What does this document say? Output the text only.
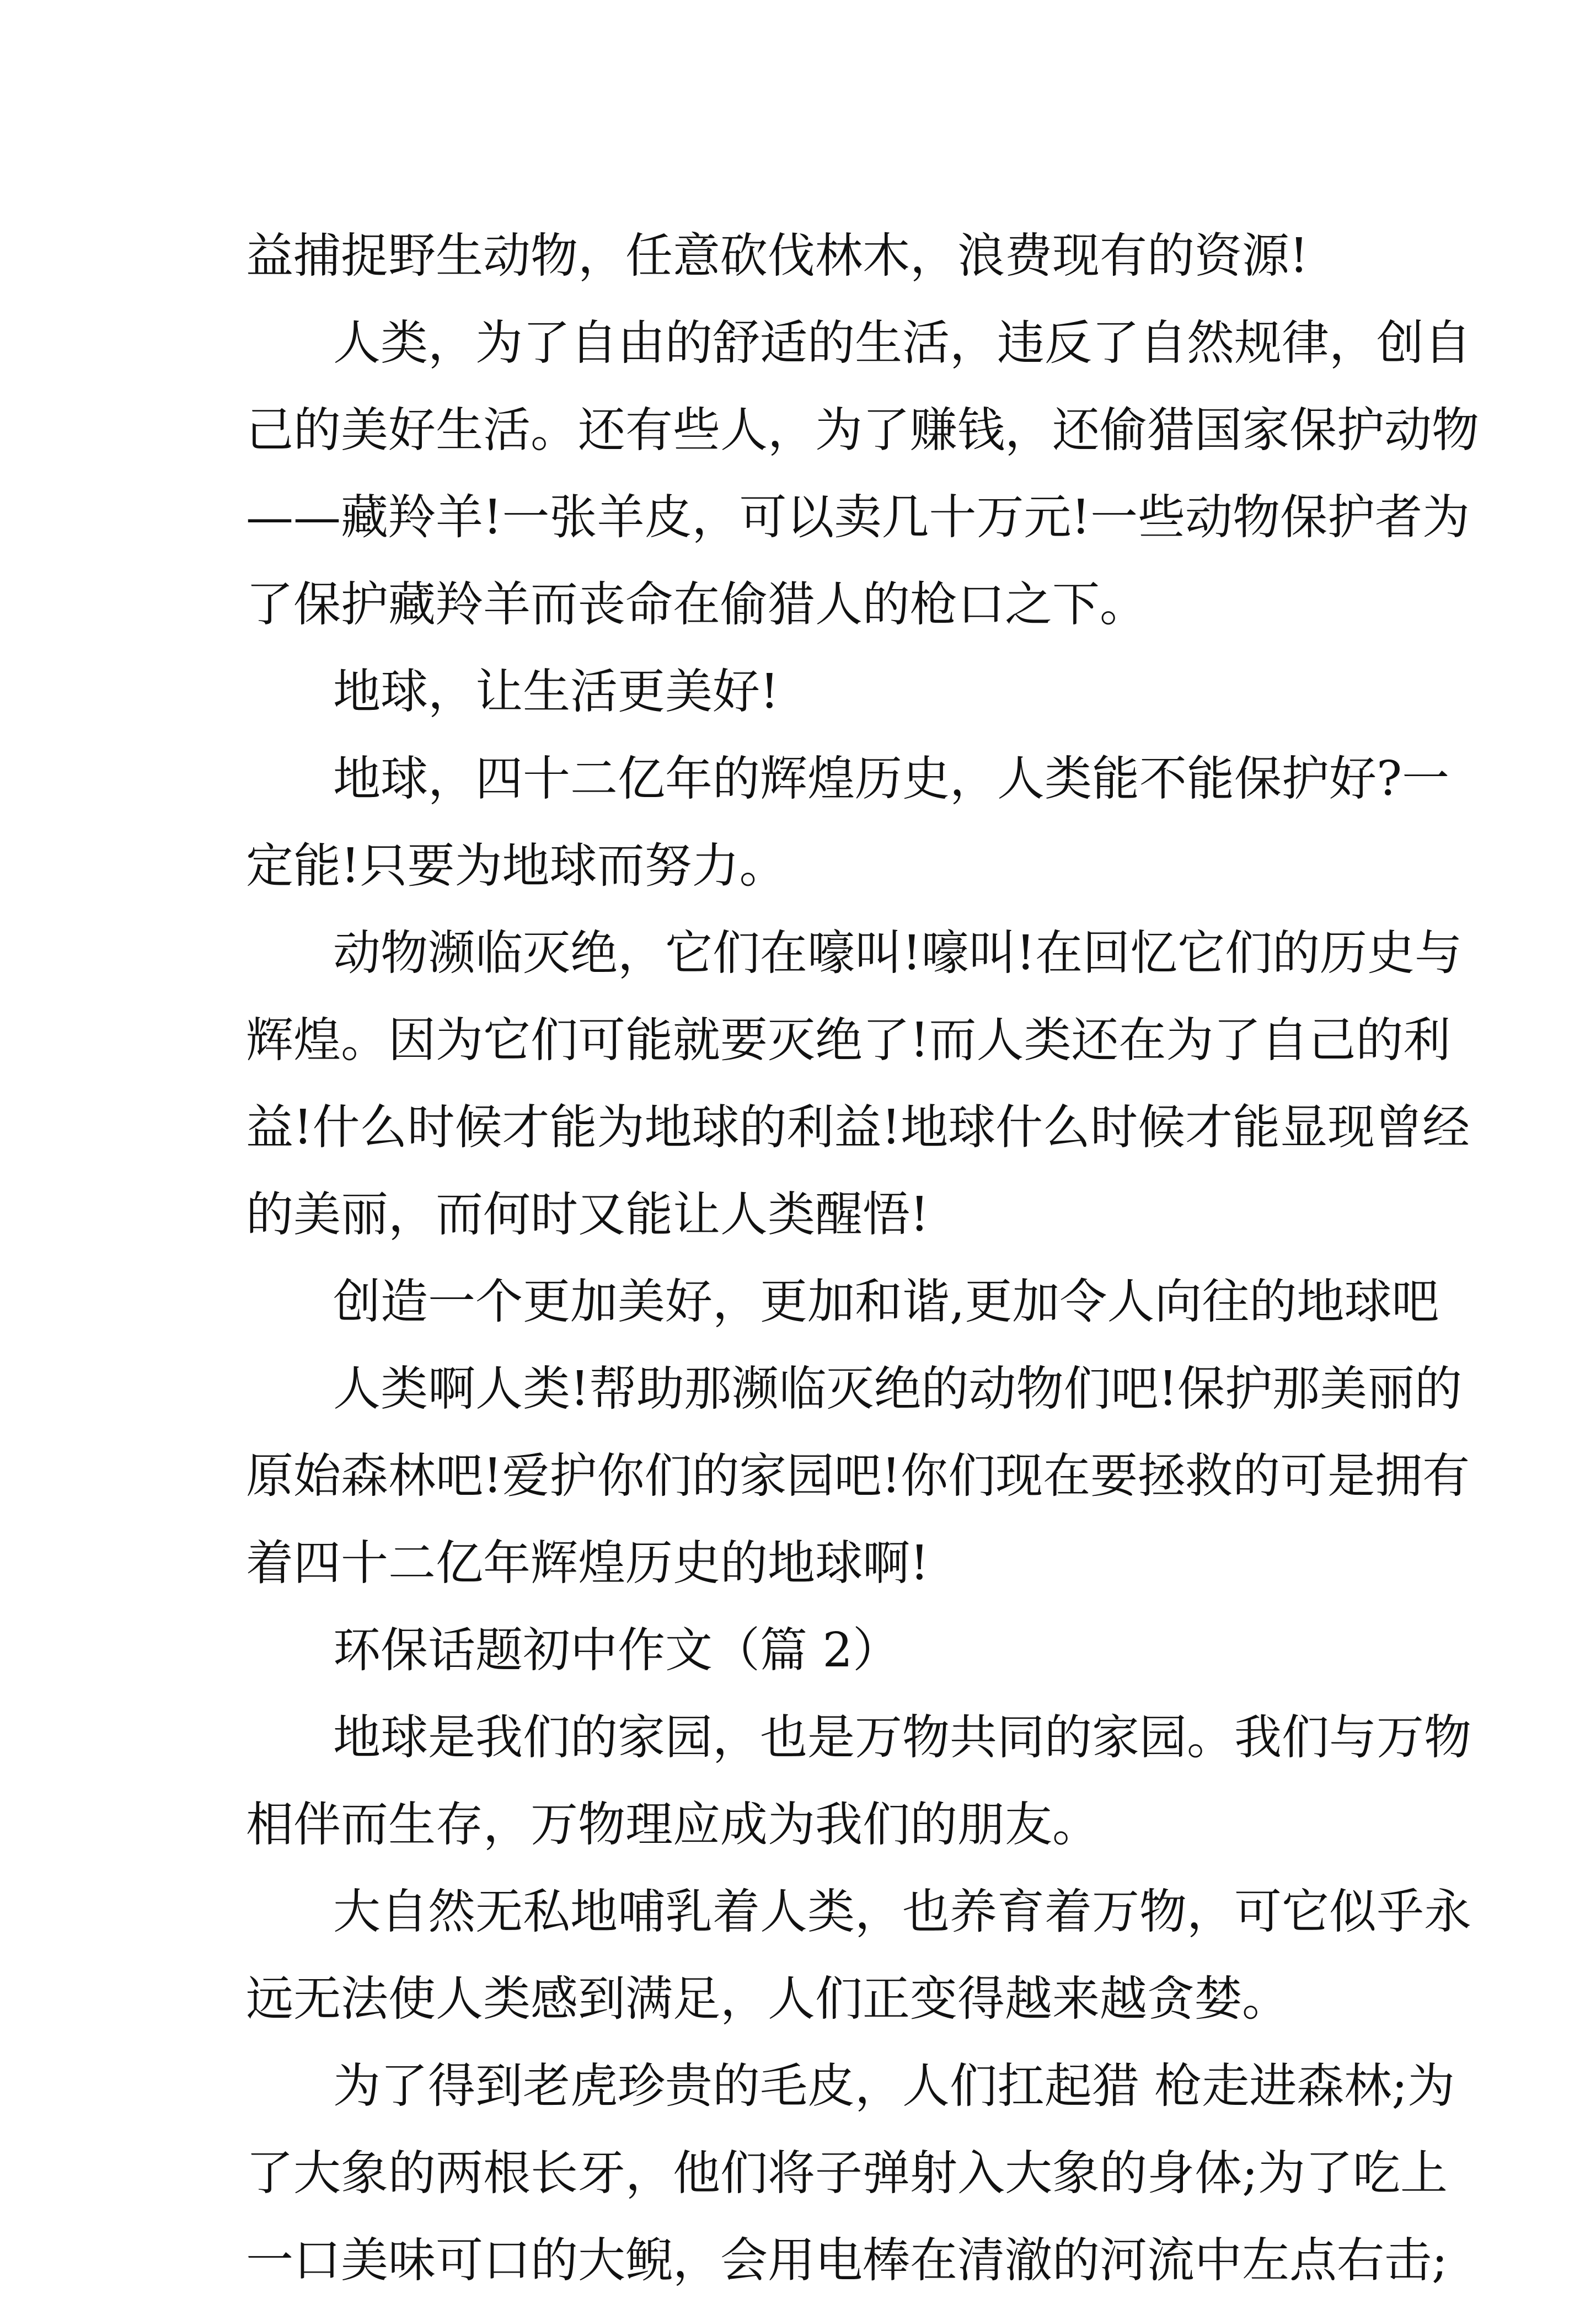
益捕捉野生动物，任意砍伐林木，浪费现有的资源!
人类，为了自由的舒适的生活，违反了自然规律，创自
己的美好生活。还有些人，为了赚钱，还偷猎国家保护动物
——藏羚羊!一张羊皮，可以卖几十万元!一些动物保护者为
了保护藏羚羊而丧命在偷猎人的枪口之下。
地球，让生活更美好!
地球，四十二亿年的辉煌历史，人类能不能保护好?一
定能!只要为地球而努力。
动物濒临灭绝，它们在嚎叫!嚎叫!在回忆它们的历史与
辉煌。因为它们可能就要灭绝了!而人类还在为了自己的利
益!什么时候才能为地球的利益!地球什么时候才能显现曾经
的美丽，而何时又能让人类醒悟!
创造一个更加美好，更加和谐,更加令人向往的地球吧
人类啊人类!帮助那濒临灭绝的动物们吧!保护那美丽的
原始森林吧!爱护你们的家园吧!你们现在要拯救的可是拥有
着四十二亿年辉煌历史的地球啊!
环保话题初中作文（篇 2）
地球是我们的家园，也是万物共同的家园。我们与万物
相伴而生存，万物理应成为我们的朋友。
大自然无私地哺乳着人类，也养育着万物，可它似乎永
远无法使人类感到满足，人们正变得越来越贪婪。
为了得到老虎珍贵的毛皮，人们扛起猎 枪走进森林;为
了大象的两根长牙，他们将子弹射入大象的身体;为了吃上
一口美味可口的大鲵，会用电棒在清澈的河流中左点右击;
